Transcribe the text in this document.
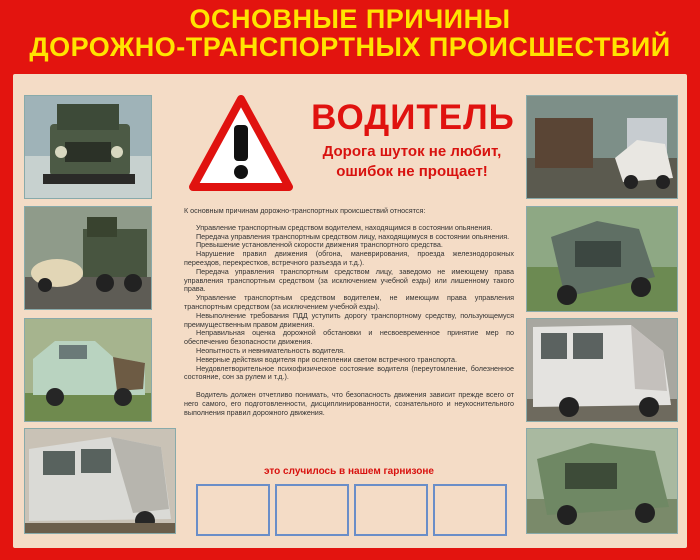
ОСНОВНЫЕ ПРИЧИНЫ
ДОРОЖНО-ТРАНСПОРТНЫХ ПРОИСШЕСТВИЙ
ВОДИТЕЛЬ
Дорога шуток не любит,
ошибок не прощает!

К основным причинам дорожно-транспортных происшествий относятся:

Управление транспортным средством водителем, находящимся в состоянии опьянения.

Передача управления транспортным средством лицу, находящимуся в состоянии опьянения.

Превышение установленной скорости движения транспортного средства.

Нарушение правил движения (обгона, маневрирования, проезда железнодорожных переездов, перекрестков, встречного разъезда и т.д.).

Передача управления транспортным средством лицу, заведомо не имеющему права управления транспортным средством (за исключением учебной езды) или лишенному такого права.

Управление транспортным средством водителем, не имеющим права управления транспортным средством (за исключением учебной езды).

Невыполнение требования ПДД уступить дорогу транспортному средству, пользующемуся преимущественным правом движения.

Неправильная оценка дорожной обстановки и несвоевременное принятие мер по обеспечению безопасности движения.

Неопытность и невнимательность водителя.

Неверные действия водителя при ослеплении светом встречного транспорта.

Неудовлетворительное психофизическое состояние водителя (переутомление, болезненное состояние, сон за рулем и т.д.).

Водитель должен отчетливо понимать, что безопасность движения зависит прежде всего от него самого, его подготовленности, дисциплинированности, сознательного и неукоснительного выполнения правил дорожного движения.

это случилось в нашем гарнизоне
